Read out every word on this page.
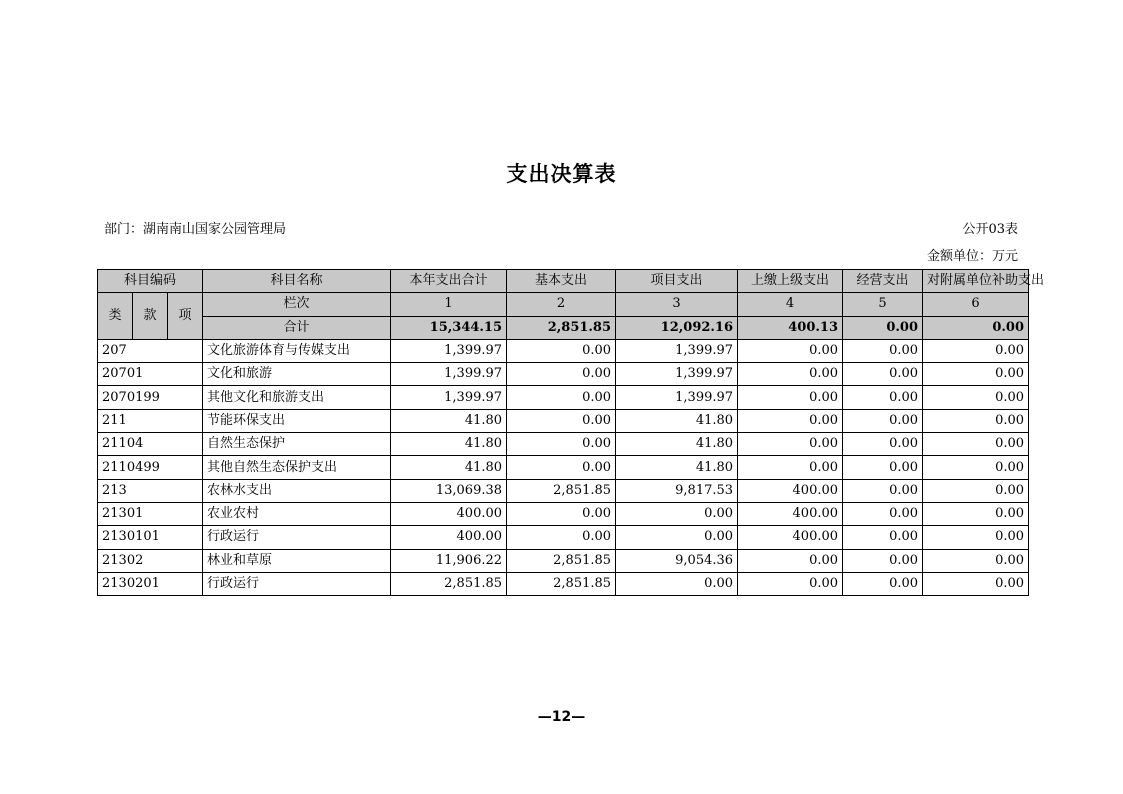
支出决算表
部门：湖南南山国家公园管理局	公开03表
金额单位：万元
科目编码			科目名称	本年支出合计	基本支出	项目支出	上缴上级支出	经营支出	对附属单位补助支出
类	款	项	栏次	1	2	3	4	5	6
			合计	15,344.15	2,851.85	12,092.16	400.13	0.00	0.00
207			文化旅游体育与传媒支出	1,399.97	0.00	1,399.97	0.00	0.00	0.00
20701			文化和旅游	1,399.97	0.00	1,399.97	0.00	0.00	0.00
2070199			其他文化和旅游支出	1,399.97	0.00	1,399.97	0.00	0.00	0.00
211			节能环保支出	41.80	0.00	41.80	0.00	0.00	0.00
21104			自然生态保护	41.80	0.00	41.80	0.00	0.00	0.00
2110499			其他自然生态保护支出	41.80	0.00	41.80	0.00	0.00	0.00
213			农林水支出	13,069.38	2,851.85	9,817.53	400.00	0.00	0.00
21301			农业农村	400.00	0.00	0.00	400.00	0.00	0.00
2130101			行政运行	400.00	0.00	0.00	400.00	0.00	0.00
21302			林业和草原	11,906.22	2,851.85	9,054.36	0.00	0.00	0.00
2130201			行政运行	2,851.85	2,851.85	0.00	0.00	0.00	0.00
—12—
